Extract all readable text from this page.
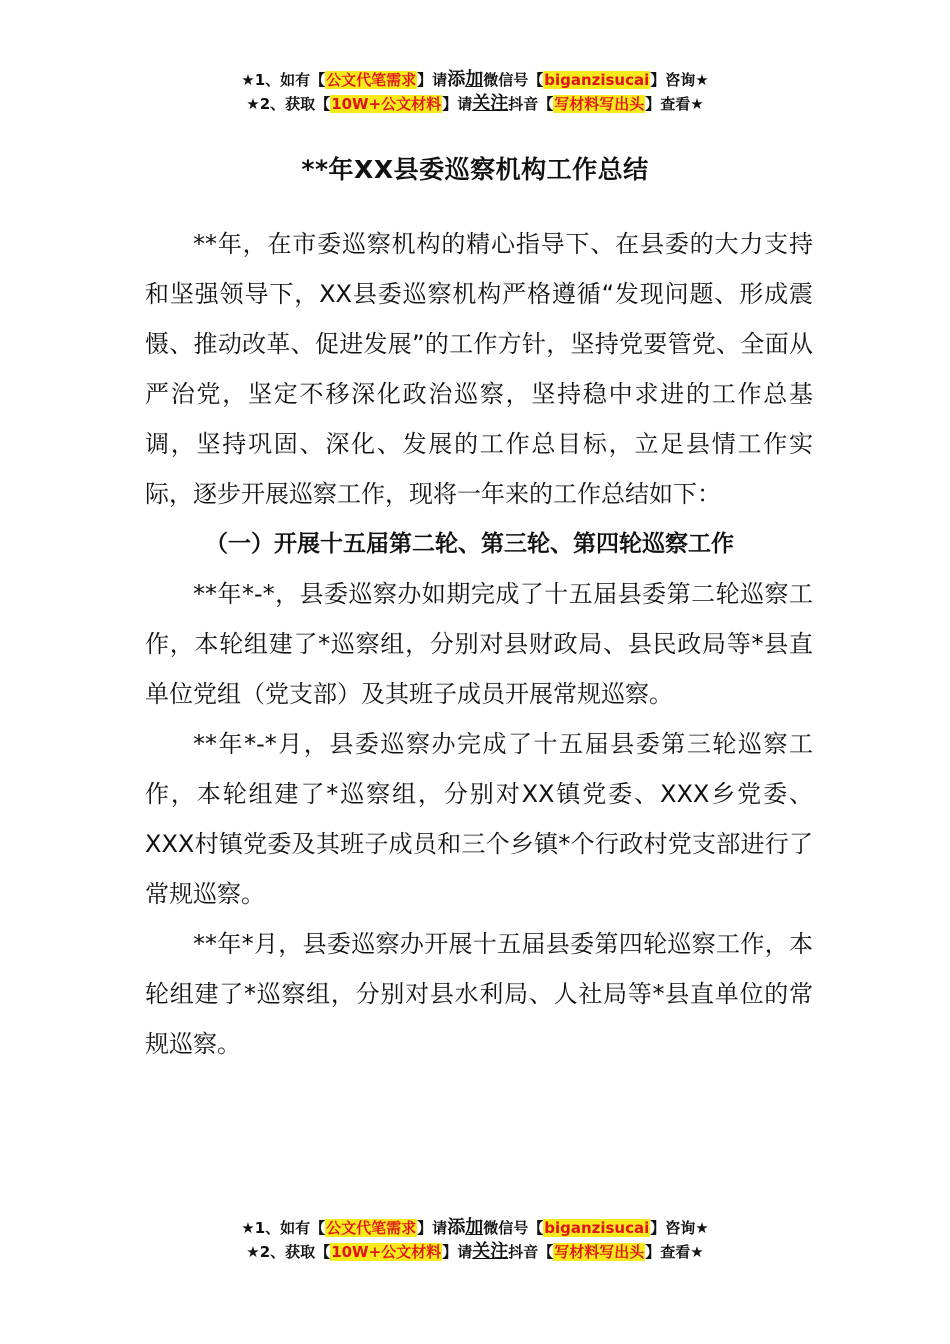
★1、如有【公文代笔需求】请添加微信号【biganzisucai】咨询★
★2、获取【10W+公文材料】请关注抖音【写材料写出头】查看★
**年XX县委巡察机构工作总结

**年，在市委巡察机构的精心指导下、在县委的大力支持和坚强领导下，XX县委巡察机构严格遵循“发现问题、形成震慑、推动改革、促进发展”的工作方针，坚持党要管党、全面从严治党，坚定不移深化政治巡察，坚持稳中求进的工作总基调，坚持巩固、深化、发展的工作总目标，立足县情工作实际，逐步开展巡察工作，现将一年来的工作总结如下：

（一）开展十五届第二轮、第三轮、第四轮巡察工作

**年*-*，县委巡察办如期完成了十五届县委第二轮巡察工作，本轮组建了*巡察组，分别对县财政局、县民政局等*县直单位党组（党支部）及其班子成员开展常规巡察。

**年*-*月，县委巡察办完成了十五届县委第三轮巡察工作，本轮组建了*巡察组，分别对XX镇党委、XXX乡党委、XXX村镇党委及其班子成员和三个乡镇*个行政村党支部进行了常规巡察。

**年*月，县委巡察办开展十五届县委第四轮巡察工作，本轮组建了*巡察组，分别对县水利局、人社局等*县直单位的常规巡察。

★1、如有【公文代笔需求】请添加微信号【biganzisucai】咨询★
★2、获取【10W+公文材料】请关注抖音【写材料写出头】查看★
